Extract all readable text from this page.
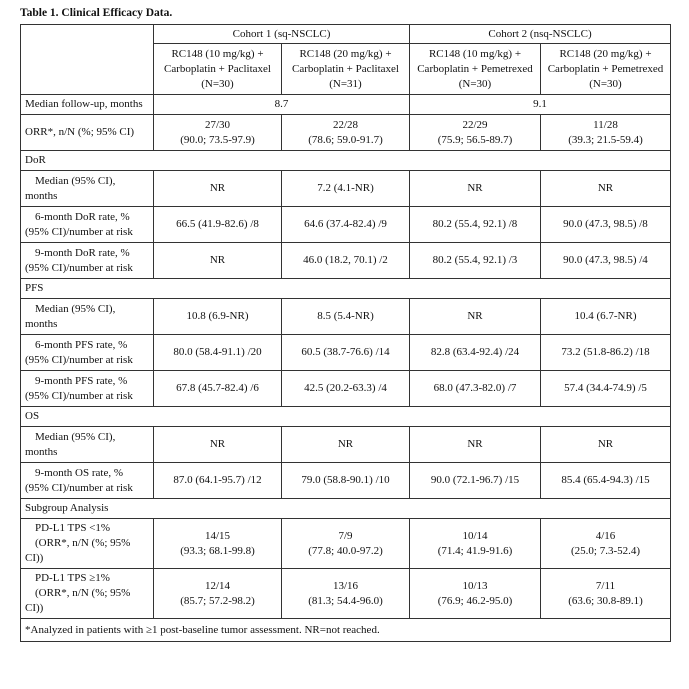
Table 1. Clinical Efficacy Data.
	Cohort 1 (sq-NSCLC)		Cohort 2 (nsq-NSCLC)	

	RC148 (10 mg/kg) +
Carboplatin + Paclitaxel
(N=30)	RC148 (20 mg/kg) +
Carboplatin + Paclitaxel
(N=31)	RC148 (10 mg/kg) +
Carboplatin + Pemetrexed
(N=30)	RC148 (20 mg/kg) +
Carboplatin + Pemetrexed
(N=30)

Median follow-up, months	8.7		9.1	
ORR*, n/N (%; 95% CI)	27/30
(90.0; 73.5-97.9)	22/28
(78.6; 59.0-91.7)	22/29
(75.9; 56.5-89.7)	11/28
(39.3; 21.5-59.4)

DoR				

Median (95% CI),
months	NR	7.2 (4.1-NR)	NR	NR

6-month DoR rate, %
(95% CI)/number at risk	66.5 (41.9-82.6) /8	64.6 (37.4-82.4) /9	80.2 (55.4, 92.1) /8	90.0 (47.3, 98.5) /8

9-month DoR rate, %
(95% CI)/number at risk	NR	46.0 (18.2, 70.1) /2	80.2 (55.4, 92.1) /3	90.0 (47.3, 98.5) /4
PFS				

Median (95% CI),
months	10.8 (6.9-NR)	8.5 (5.4-NR)	NR	10.4 (6.7-NR)

6-month PFS rate, %
(95% CI)/number at risk	80.0 (58.4-91.1) /20	60.5 (38.7-76.6) /14	82.8 (63.4-92.4) /24	73.2 (51.8-86.2) /18

9-month PFS rate, %
(95% CI)/number at risk	67.8 (45.7-82.4) /6	42.5 (20.2-63.3) /4	68.0 (47.3-82.0) /7	57.4 (34.4-74.9) /5
OS				

Median (95% CI),
months	NR	NR	NR	NR

9-month OS rate, %
(95% CI)/number at risk	87.0 (64.1-95.7) /12	79.0 (58.8-90.1) /10	90.0 (72.1-96.7) /15	85.4 (65.4-94.3) /15
Subgroup Analysis				

PD-L1 TPS <1%
(ORR*, n/N (%; 95%
CI))	14/15
(93.3; 68.1-99.8)	7/9
(77.8; 40.0-97.2)	10/14
(71.4; 41.9-91.6)	4/16
(25.0; 7.3-52.4)

PD-L1 TPS ≥1%
(ORR*, n/N (%; 95%
CI))	12/14
(85.7; 57.2-98.2)	13/16
(81.3; 54.4-96.0)	10/13
(76.9; 46.2-95.0)	7/11
(63.6; 30.8-89.1)

*Analyzed in patients with ≥1 post-baseline tumor assessment. NR=not reached.				
